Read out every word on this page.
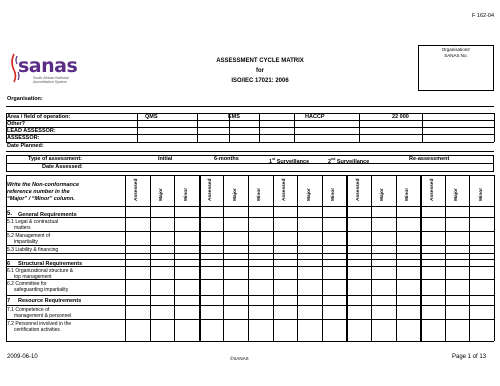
F 162-04
sanas
South African National
Accreditation System
ASSESSMENT CYCLE MATRIX
for
ISO/IEC 17021: 2006
Organisations'
SANAS No.
Organisation:
Area / field of operation:	QMS	EMS	HACCP	22 000
Other?
LEAD ASSESSOR:
ASSESSOR:
Date Planned:
Type of assessment:
Date Assessed:
Initial	6-months	1st Surveillance	2nd Surveillance	Re-assessment
Write the Non-conformance
reference number in the
“Major” / “Minor” column.	Assessed	Major	Minor	Assessed	Major	Minor	Assessed	Major	Minor	Assessed	Major	Minor	Assessed	Major	Minor
5. General Requirements
5.1 Legal & contractual
matters
5.2 Management of
impartiality
5.3 Liability & financing
6 Structural Requirements
6.1 Organizational structure &
top management
6.2 Committee for
safeguarding impartiality
7 Resource Requirements
7.1 Competence of
management & personnel
7.2 Personnel involved in the
certification activities
2009-06-10	©SANAS	Page 1 of 13
